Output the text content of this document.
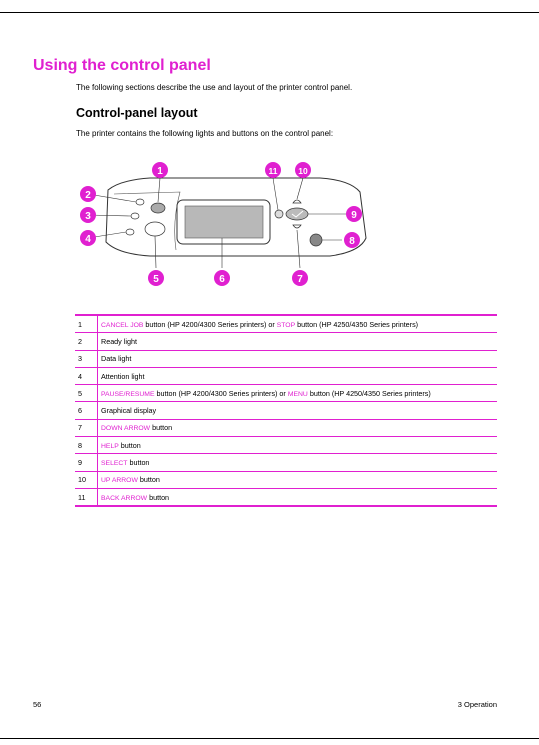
Using the control panel
The following sections describe the use and layout of the printer control panel.
Control-panel layout
The printer contains the following lights and buttons on the control panel:
1
2
3
4
5	6	7
8
9
10
11
1	CANCEL JOB button (HP 4200/4300 Series printers) or STOP button (HP 4250/4350 Series printers)
2	Ready light
3	Data light
4	Attention light
5	PAUSE/RESUME button (HP 4200/4300 Series printers) or MENU button (HP 4250/4350 Series printers)
6	Graphical display
7	DOWN ARROW button
8	HELP button
9	SELECT button
10	UP ARROW button
11	BACK ARROW button
56	3 Operation
